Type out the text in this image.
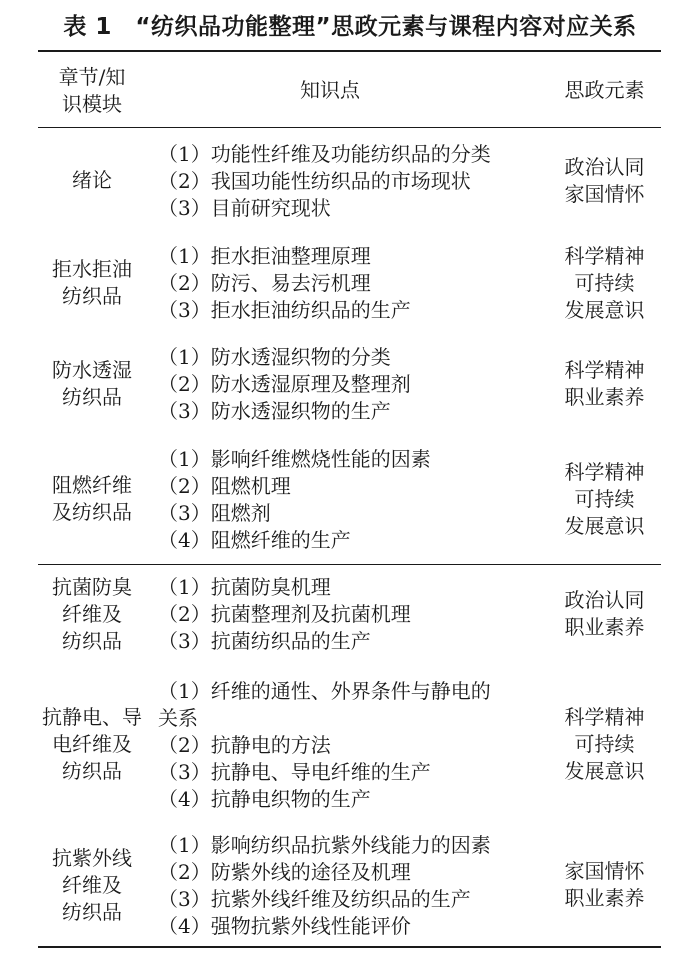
表 1　“纺织品功能整理”思政元素与课程内容对应关系
章节/知
识模块
知识点	思政元素
绪论
（1）功能性纤维及功能纺织品的分类
（2）我国功能性纺织品的市场现状
（3）目前研究现状
政治认同
家国情怀
拒水拒油
纺织品
（1）拒水拒油整理原理
（2）防污、易去污机理
（3）拒水拒油纺织品的生产
科学精神
可持续
发展意识
防水透湿
纺织品
（1）防水透湿织物的分类
（2）防水透湿原理及整理剂
（3）防水透湿织物的生产
科学精神
职业素养
阻燃纤维
及纺织品
（1）影响纤维燃烧性能的因素
（2）阻燃机理
（3）阻燃剂
（4）阻燃纤维的生产
科学精神
可持续
发展意识
抗菌防臭
纤维及
纺织品
（1）抗菌防臭机理
（2）抗菌整理剂及抗菌机理
（3）抗菌纺织品的生产
政治认同
职业素养
抗静电、导
电纤维及
纺织品
（1）纤维的通性、外界条件与静电的
关系
（2）抗静电的方法
（3）抗静电、导电纤维的生产
（4）抗静电织物的生产
科学精神
可持续
发展意识
抗紫外线
纤维及
纺织品
（1）影响纺织品抗紫外线能力的因素
（2）防紫外线的途径及机理
（3）抗紫外线纤维及纺织品的生产
（4）强物抗紫外线性能评价
家国情怀
职业素养
